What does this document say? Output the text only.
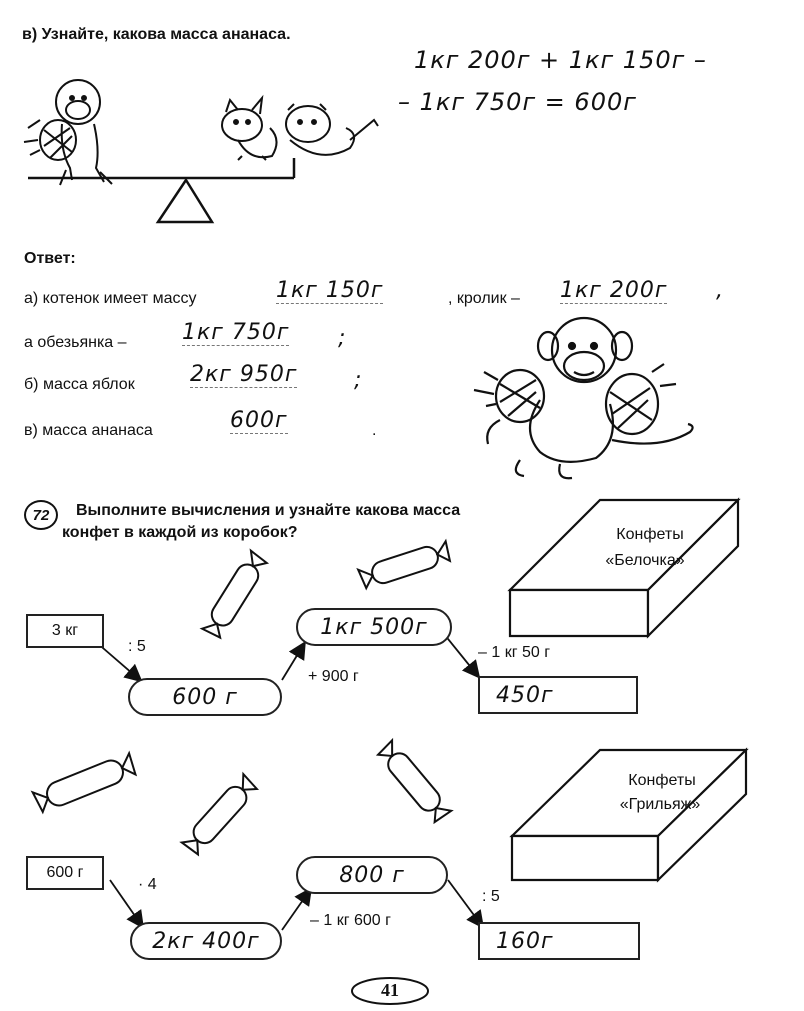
в) Узнайте, какова масса ананаса.
1кг 200г + 1кг 150г –
– 1кг 750г = 600г
Ответ:
а) котенок имеет массу	1кг 150г	, кролик – 1кг 200г ,
а обезьянка –	1кг 750г ;
б) масса яблок	2кг 950г	;
в) масса ананаса	600г	.
72 Выполните вычисления и узнайте какова масса
конфет в каждой из коробок?	Конфеты
«Белочка»
Конфеты
«Грильяж»
3 кг
: 5
600 г
+ 900 г
1кг 500г
– 1 кг 50 г
450г
600 г
· 4
2кг 400г
– 1 кг 600 г
800 г
: 5
160г
41
